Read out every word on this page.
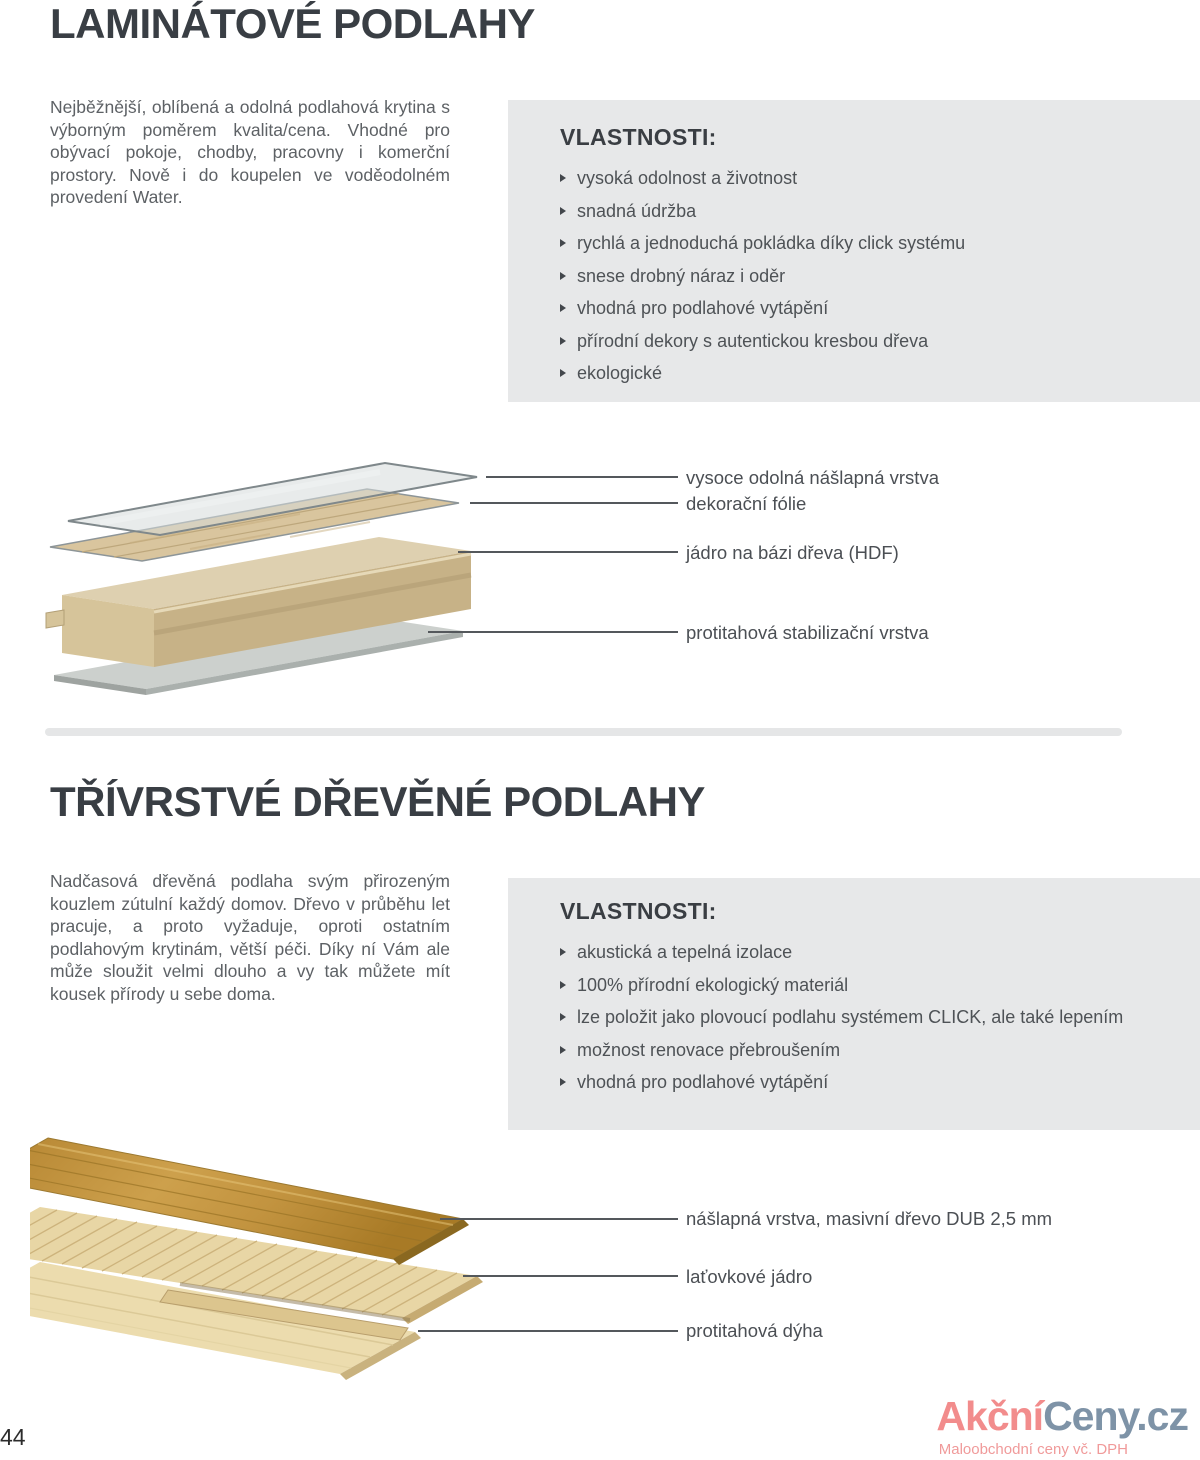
LAMINÁTOVÉ PODLAHY

Nejběžnější, oblíbená a odolná podlahová krytina s výborným poměrem kvalita/cena. Vhodné pro obývací pokoje, chodby, pracovny i komerční prostory. Nově i do koupelen ve voděodolném provedení Water.

VLASTNOSTI:
vysoká odolnost a životnost
snadná údržba
rychlá a jednoduchá pokládka díky click systému
snese drobný náraz i oděr
vhodná pro podlahové vytápění
přírodní dekory s autentickou kresbou dřeva
ekologické
vysoce odolná nášlapná vrstva
dekorační fólie
jádro na bázi dřeva (HDF)
protitahová stabilizační vrstva
TŘÍVRSTVÉ DŘEVĚNÉ PODLAHY

Nadčasová dřevěná podlaha svým přirozeným kouzlem zútulní každý domov. Dřevo v průběhu let pracuje, a proto vyžaduje, oproti ostatním podlahovým krytinám, větší péči. Díky ní Vám ale může sloužit velmi dlouho a vy tak můžete mít kousek přírody u sebe doma.

VLASTNOSTI:
akustická a tepelná izolace
100% přírodní ekologický materiál
lze položit jako plovoucí podlahu systémem CLICK, ale také lepením
možnost renovace přebroušením
vhodná pro podlahové vytápění
nášlapná vrstva, masivní dřevo DUB 2,5 mm
laťovkové jádro
protitahová dýha
44	AkčníCeny.cz

Maloobchodní ceny vč. DPH
